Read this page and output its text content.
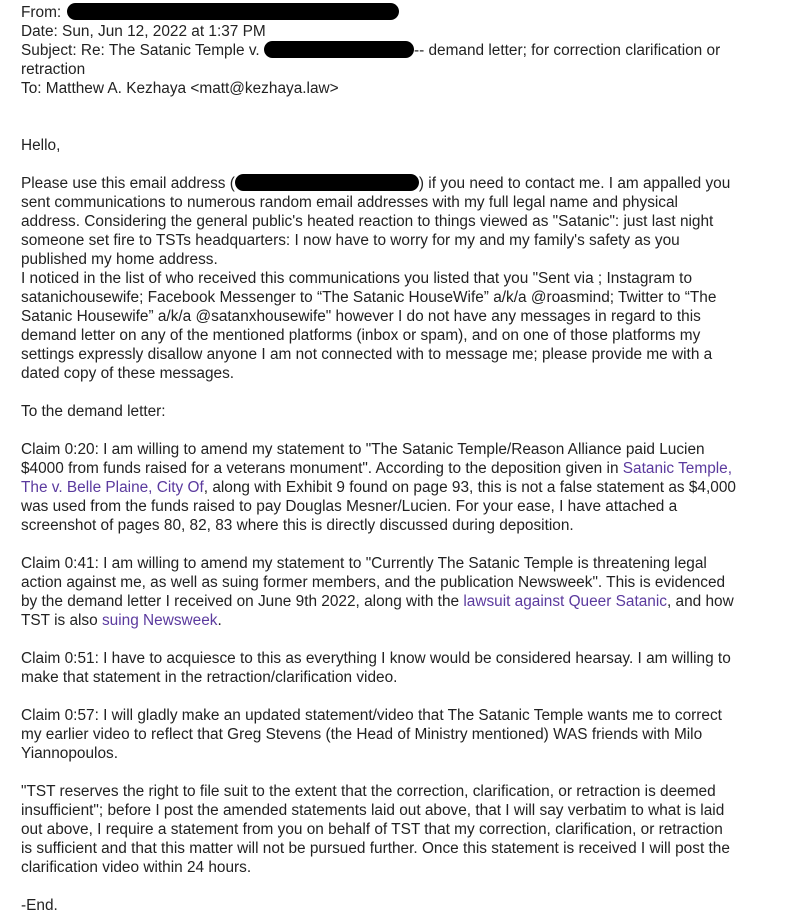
From:
Date: Sun, Jun 12, 2022 at 1:37 PM
Subject: Re: The Satanic Temple v.	-- demand letter; for correction clarification or
retraction
To: Matthew A. Kezhaya <matt@kezhaya.law>
Hello,

Please use this email address (	) if you need to contact me. I am appalled you

sent communications to numerous random email addresses with my full legal name and physical

address. Considering the general public's heated reaction to things viewed as "Satanic": just last night

someone set fire to TSTs headquarters: I now have to worry for my and my family's safety as you

published my home address.

I noticed in the list of who received this communications you listed that you "Sent via ; Instagram to

satanichousewife; Facebook Messenger to “The Satanic HouseWife” a/k/a @roasmind; Twitter to “The

Satanic Housewife” a/k/a @satanxhousewife" however I do not have any messages in regard to this

demand letter on any of the mentioned platforms (inbox or spam), and on one of those platforms my

settings expressly disallow anyone I am not connected with to message me; please provide me with a

dated copy of these messages.

To the demand letter:

Claim 0:20: I am willing to amend my statement to "The Satanic Temple/Reason Alliance paid Lucien

$4000 from funds raised for a veterans monument". According to the deposition given in Satanic Temple,

The v. Belle Plaine, City Of, along with Exhibit 9 found on page 93, this is not a false statement as $4,000

was used from the funds raised to pay Douglas Mesner/Lucien. For your ease, I have attached a

screenshot of pages 80, 82, 83 where this is directly discussed during deposition.

Claim 0:41: I am willing to amend my statement to "Currently The Satanic Temple is threatening legal

action against me, as well as suing former members, and the publication Newsweek". This is evidenced

by the demand letter I received on June 9th 2022, along with the lawsuit against Queer Satanic, and how

TST is also suing Newsweek.

Claim 0:51: I have to acquiesce to this as everything I know would be considered hearsay. I am willing to

make that statement in the retraction/clarification video.

Claim 0:57: I will gladly make an updated statement/video that The Satanic Temple wants me to correct

my earlier video to reflect that Greg Stevens (the Head of Ministry mentioned) WAS friends with Milo

Yiannopoulos.

"TST reserves the right to file suit to the extent that the correction, clarification, or retraction is deemed

insufficient"; before I post the amended statements laid out above, that I will say verbatim to what is laid

out above, I require a statement from you on behalf of TST that my correction, clarification, or retraction

is sufficient and that this matter will not be pursued further. Once this statement is received I will post the

clarification video within 24 hours.

-End.
